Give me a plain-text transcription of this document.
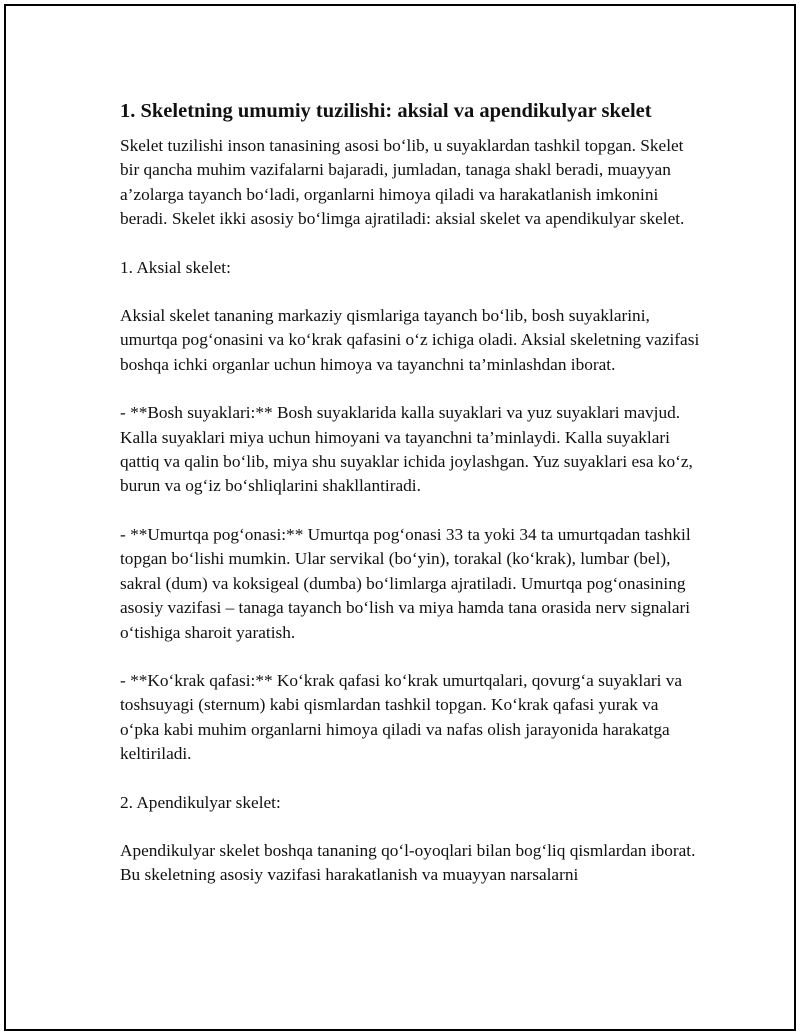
1. Skeletning umumiy tuzilishi: aksial va apendikulyar skelet

Skelet tuzilishi inson tanasining asosi bo‘lib, u suyaklardan tashkil topgan. Skelet bir qancha muhim vazifalarni bajaradi, jumladan, tanaga shakl beradi, muayyan a’zolarga tayanch bo‘ladi, organlarni himoya qiladi va harakatlanish imkonini beradi. Skelet ikki asosiy bo‘limga ajratiladi: aksial skelet va apendikulyar skelet.

1. Aksial skelet:

Aksial skelet tananing markaziy qismlariga tayanch bo‘lib, bosh suyaklarini, umurtqa pog‘onasini va ko‘krak qafasini o‘z ichiga oladi. Aksial skeletning vazifasi boshqa ichki organlar uchun himoya va tayanchni ta’minlashdan iborat.

- **Bosh suyaklari:** Bosh suyaklarida kalla suyaklari va yuz suyaklari mavjud. Kalla suyaklari miya uchun himoyani va tayanchni ta’minlaydi. Kalla suyaklari qattiq va qalin bo‘lib, miya shu suyaklar ichida joylashgan. Yuz suyaklari esa ko‘z, burun va og‘iz bo‘shliqlarini shakllantiradi.

- **Umurtqa pog‘onasi:** Umurtqa pog‘onasi 33 ta yoki 34 ta umurtqadan tashkil topgan bo‘lishi mumkin. Ular servikal (bo‘yin), torakal (ko‘krak), lumbar (bel), sakral (dum) va koksigeal (dumba) bo‘limlarga ajratiladi. Umurtqa pog‘onasining asosiy vazifasi – tanaga tayanch bo‘lish va miya hamda tana orasida nerv signalari o‘tishiga sharoit yaratish.

- **Ko‘krak qafasi:** Ko‘krak qafasi ko‘krak umurtqalari, qovurg‘a suyaklari va toshsuyagi (sternum) kabi qismlardan tashkil topgan. Ko‘krak qafasi yurak va o‘pka kabi muhim organlarni himoya qiladi va nafas olish jarayonida harakatga keltiriladi.

2. Apendikulyar skelet:

Apendikulyar skelet boshqa tananing qo‘l-oyoqlari bilan bog‘liq qismlardan iborat. Bu skeletning asosiy vazifasi harakatlanish va muayyan narsalarni
